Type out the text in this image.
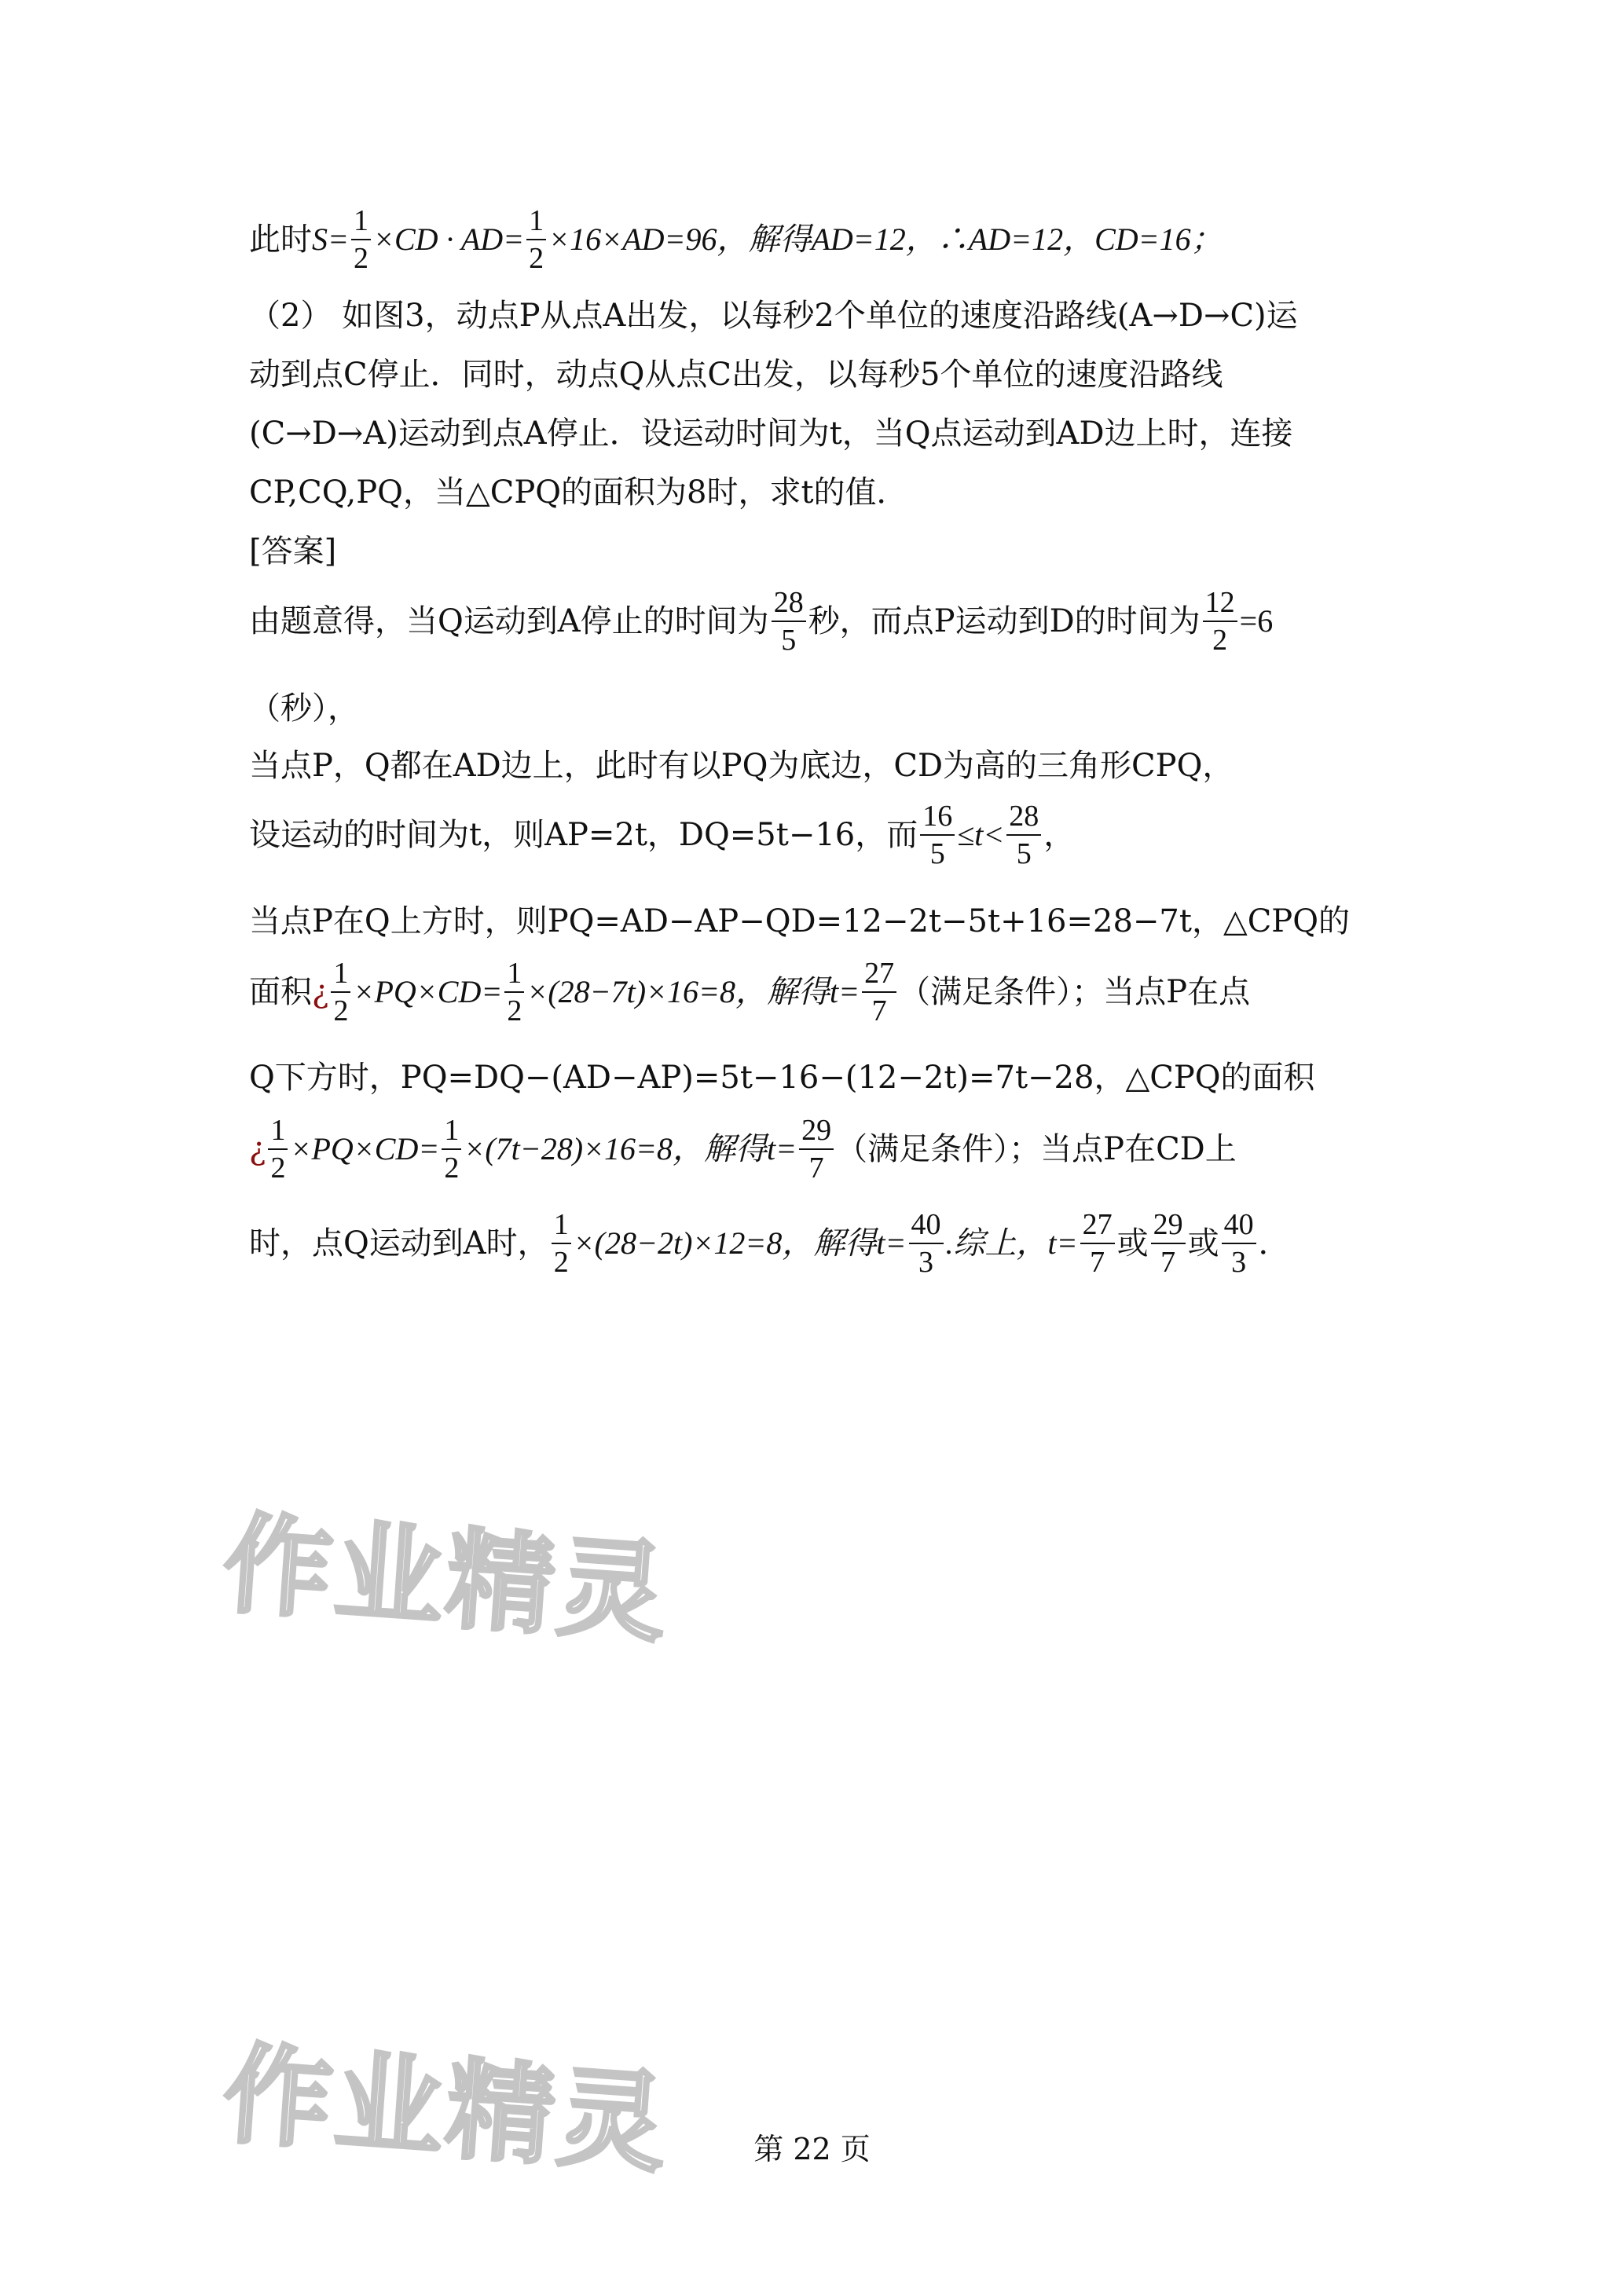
作业精灵
作业精灵
此时$S= \frac{1}{2} \times CD \cdot AD= \frac{1}{2} \times 16\times AD=96$，解得AD=12，∴AD=12，CD=16；
（2） 如图3，动点P从点A出发，以每秒2个单位的速度沿路线(A→D→C)运
动到点C停止．同时，动点Q从点C出发，以每秒5个单位的速度沿路线
(C→D→A)运动到点A停止．设运动时间为t，当Q点运动到AD边上时，连接
CP,CQ,PQ，当△CPQ的面积为8时，求t的值．
[答案]
由题意得，当Q运动到A停止的时间为 $\frac{28}{5}$ 秒，而点P运动到D的时间为 $\frac{12}{2} =6$
（秒），
当点P，Q都在AD边上，此时有以PQ为底边，CD为高的三角形CPQ，
设运动的时间为t，则AP=2t，DQ=5t−16，而 $\frac{16}{5} \le t< \frac{28}{5}$ ，
当点P在Q上方时，则PQ=AD−AP−QD=12−2t−5t+16=28−7t，△CPQ的
面积¿ $\frac{1}{2} \times PQ\times CD= \frac{1}{2} \times(28-7t)\times 16=8$，解得$t= \frac{27}{7}$ （满足条件）；当点P在点
Q下方时，PQ=DQ−(AD−AP)=5t−16−(12−2t)=7t−28，△CPQ的面积
¿ $\frac{1}{2} \times PQ\times CD= \frac{1}{2} \times(7t-28)\times 16=8$，解得$t= \frac{29}{7}$ （满足条件）；当点P在CD上
时，点Q运动到A时， $\frac{1}{2} \times(28-2t)\times 12=8$，解得$t= \frac{40}{3}$ .综上，$t= \frac{27}{7}$ 或 $\frac{29}{7}$ 或 $\frac{40}{3}$ ．
第 22 页
